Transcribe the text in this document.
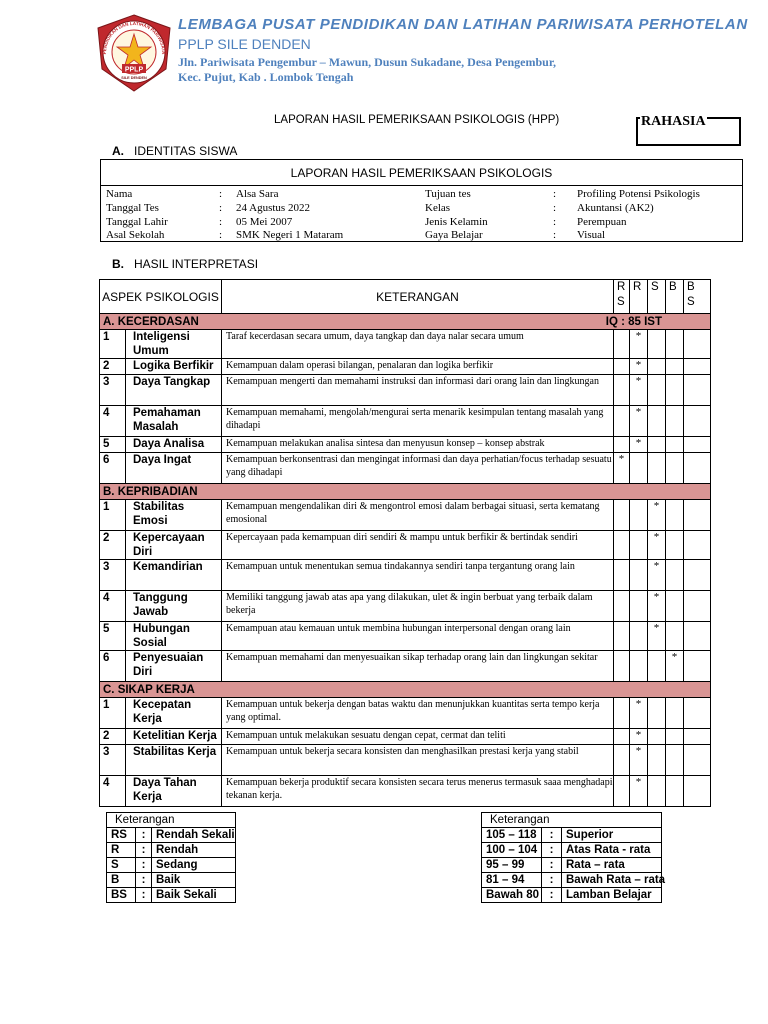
PENDIDIKAN DAN LATIHAN PARIWISATA
PPLP
SILE DENDEN
LEMBAGA PUSAT PENDIDIKAN DAN LATIHAN PARIWISATA PERHOTELAN
PPLP SILE DENDEN
Jln. Pariwisata Pengembur – Mawun, Dusun Sukadane, Desa Pengembur,
Kec. Pujut, Kab . Lombok Tengah
LAPORAN HASIL PEMERIKSAAN PSIKOLOGIS (HPP)	RAHASIA
A. IDENTITAS SISWA
LAPORAN HASIL PEMERIKSAAN PSIKOLOGIS
Nama	: Alsa Sara	Tujuan tes	: Profiling Potensi Psikologis
Tanggal Tes	: 24 Agustus 2022	Kelas	: Akuntansi (AK2)
Tanggal Lahir	: 05 Mei 2007	Jenis Kelamin	: Perempuan
Asal Sekolah	: SMK Negeri 1 Mataram	Gaya Belajar	: Visual
B. HASIL INTERPRETASI
ASPEK PSIKOLOGIS		KETERANGAN	R S	R	S	B	B S
A. KECERDASAN IQ : 85 IST							

1	Inteligensi Umum	Taraf kecerdasan secara umum, daya tangkap dan daya nalar secara umum		*			
2	Logika Berfikir	Kemampuan dalam operasi bilangan, penalaran dan logika berfikir		*			
3	Daya Tangkap	Kemampuan mengerti dan memahami instruksi dan informasi dari orang lain dan lingkungan		*			
4	Pemahaman Masalah	Kemampuan memahami, mengolah/mengurai serta menarik kesimpulan tentang masalah yang dihadapi		*			
5	Daya Analisa	Kemampuan melakukan analisa sintesa dan menyusun konsep – konsep abstrak		*			
6	Daya Ingat	Kemampuan berkonsentrasi dan mengingat informasi dan daya perhatian/focus terhadap sesuatu yang dihadapi	*				
B. KEPRIBADIAN							
1	Stabilitas Emosi	Kemampuan mengendalikan diri & mengontrol emosi dalam berbagai situasi, serta kematang emosional			*		
2	Kepercayaan Diri	Kepercayaan pada kemampuan diri sendiri & mampu untuk berfikir & bertindak sendiri			*		
3	Kemandirian	Kemampuan untuk menentukan semua tindakannya sendiri tanpa tergantung orang lain			*		
4	Tanggung Jawab	Memiliki tanggung jawab atas apa yang dilakukan, ulet & ingin berbuat yang terbaik dalam bekerja			*		
5	Hubungan Sosial	Kemampuan atau kemauan untuk membina hubungan interpersonal dengan orang lain			*		
6	Penyesuaian Diri	Kemampuan memahami dan menyesuaikan sikap terhadap orang lain dan lingkungan sekitar				*	
C. SIKAP KERJA							
1	Kecepatan Kerja	Kemampuan untuk bekerja dengan batas waktu dan menunjukkan kuantitas serta tempo kerja yang optimal.		*			
2	Ketelitian Kerja	Kemampuan untuk melakukan sesuatu dengan cepat, cermat dan teliti		*			
3	Stabilitas Kerja	Kemampuan untuk bekerja secara konsisten dan menghasilkan prestasi kerja yang stabil		*			
4	Daya Tahan Kerja	Kemampuan bekerja produktif secara konsisten secara terus menerus termasuk saaa menghadapi tekanan kerja.		*			
Keterangan		
RS	:	Rendah Sekali
R	:	Rendah
S	:	Sedang
B	:	Baik
BS	:	Baik Sekali
Keterangan		
105 – 118	:	Superior
100 – 104	:	Atas Rata - rata
95 – 99	:	Rata – rata
81 – 94	:	Bawah Rata – rata
Bawah 80	:	Lamban Belajar
